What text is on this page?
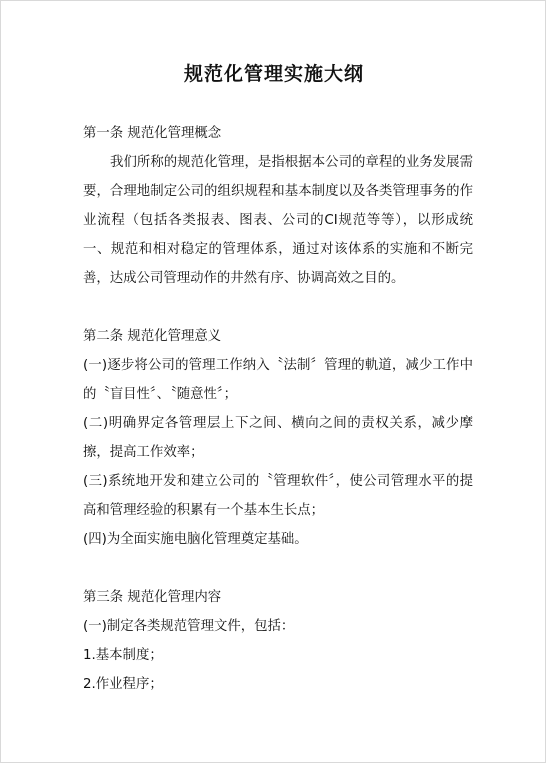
规范化管理实施大纲

第一条 规范化管理概念

我们所称的规范化管理，是指根据本公司的章程的业务发展需要，合理地制定公司的组织规程和基本制度以及各类管理事务的作业流程（包括各类报表、图表、公司的CI规范等等），以形成统一、规范和相对稳定的管理体系，通过对该体系的实施和不断完善，达成公司管理动作的井然有序、协调高效之目的。

第二条 规范化管理意义

(一)逐步将公司的管理工作纳入〝法制〞管理的軌道，减少工作中的〝盲目性〞、〝随意性〞；

(二)明确界定各管理层上下之间、横向之间的责权关系，减少摩擦，提高工作效率；

(三)系统地开发和建立公司的〝管理软件〞，使公司管理水平的提高和管理经验的积累有一个基本生长点；

(四)为全面实施电脑化管理奠定基础。

第三条 规范化管理内容

(一)制定各类规范管理文件，包括：

1.基本制度；

2.作业程序；
